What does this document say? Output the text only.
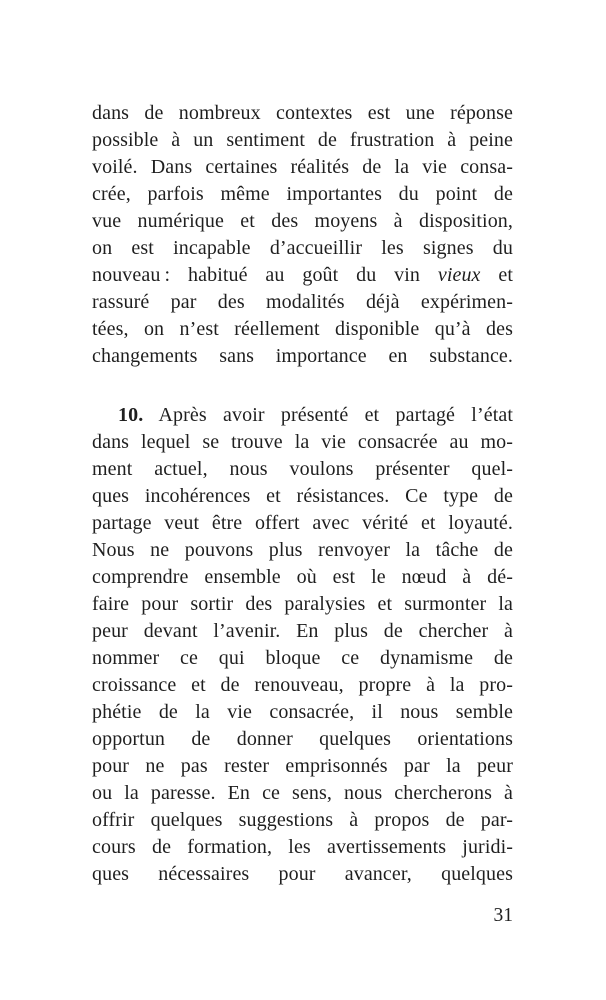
dans de nombreux contextes est une réponse
possible à un sentiment de frustration à peine
voilé. Dans certaines réalités de la vie consa-
crée, parfois même importantes du point de
vue numérique et des moyens à disposition,
on est incapable d’accueillir les signes du
nouveau : habitué au goût du vin vieux et
rassuré par des modalités déjà expérimen-
tées, on n’est réellement disponible qu’à des
changements sans importance en substance.
10. Après avoir présenté et partagé l’état
dans lequel se trouve la vie consacrée au mo-
ment actuel, nous voulons présenter quel-
ques incohérences et résistances. Ce type de
partage veut être offert avec vérité et loyauté.
Nous ne pouvons plus renvoyer la tâche de
comprendre ensemble où est le nœud à dé-
faire pour sortir des paralysies et surmonter la
peur devant l’avenir. En plus de chercher à
nommer ce qui bloque ce dynamisme de
croissance et de renouveau, propre à la pro-
phétie de la vie consacrée, il nous semble
opportun de donner quelques orientations
pour ne pas rester emprisonnés par la peur
ou la paresse. En ce sens, nous chercherons à
offrir quelques suggestions à propos de par-
cours de formation, les avertissements juridi-
ques nécessaires pour avancer, quelques
31
